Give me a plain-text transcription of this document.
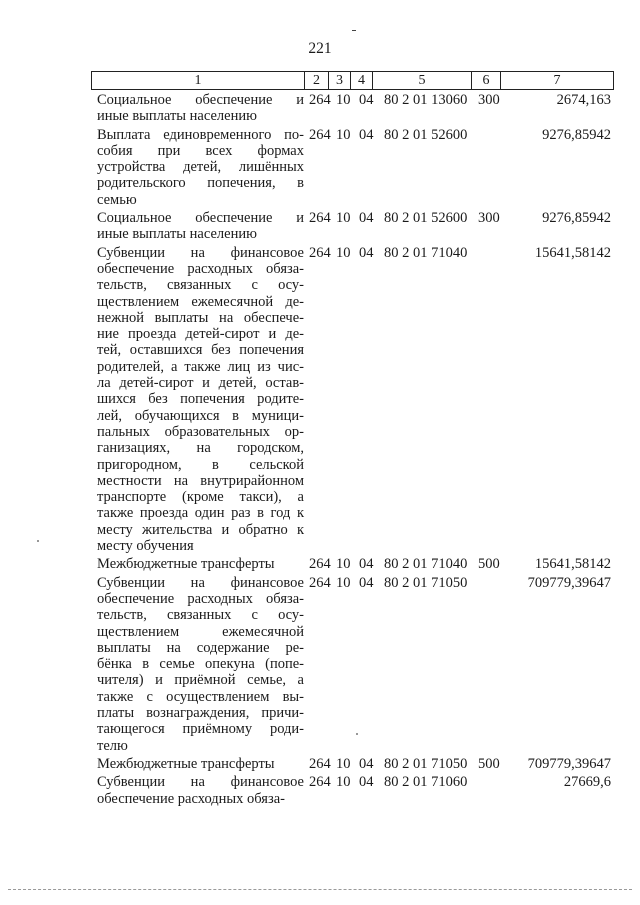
221
1	2	3	4	5	6	7
Социальное обеспечение и
иные выплаты населению
264 10 04 80 2 01 13060 300	2674,163
Выплата единовременного по-
собия при всех формах
устройства детей, лишённых
родительского попечения, в
семью
264 10 04 80 2 01 52600	9276,85942
Социальное обеспечение и
иные выплаты населению
264 10 04 80 2 01 52600 300	9276,85942
Субвенции на финансовое
обеспечение расходных обяза-
тельств, связанных с осу-
ществлением ежемесячной де-
нежной выплаты на обеспече-
ние проезда детей-сирот и де-
тей, оставшихся без попечения
родителей, а также лиц из чис-
ла детей-сирот и детей, остав-
шихся без попечения родите-
лей, обучающихся в муници-
пальных образовательных ор-
ганизациях, на городском,
пригородном, в сельской
местности на внутрирайонном
транспорте (кроме такси), а
также проезда один раз в год к
месту жительства и обратно к
месту обучения
264 10 04 80 2 01 71040	15641,58142
Межбюджетные трансферты	264 10 04 80 2 01 71040 500	15641,58142
Субвенции на финансовое
обеспечение расходных обяза-
тельств, связанных с осу-
ществлением ежемесячной
выплаты на содержание ре-
бёнка в семье опекуна (попе-
чителя) и приёмной семье, а
также с осуществлением вы-
платы вознаграждения, причи-
тающегося приёмному роди-
телю
264 10 04 80 2 01 71050	709779,39647
Межбюджетные трансферты	264 10 04 80 2 01 71050 500	709779,39647
Субвенции на финансовое
обеспечение расходных обяза-
264 10 04 80 2 01 71060	27669,6
